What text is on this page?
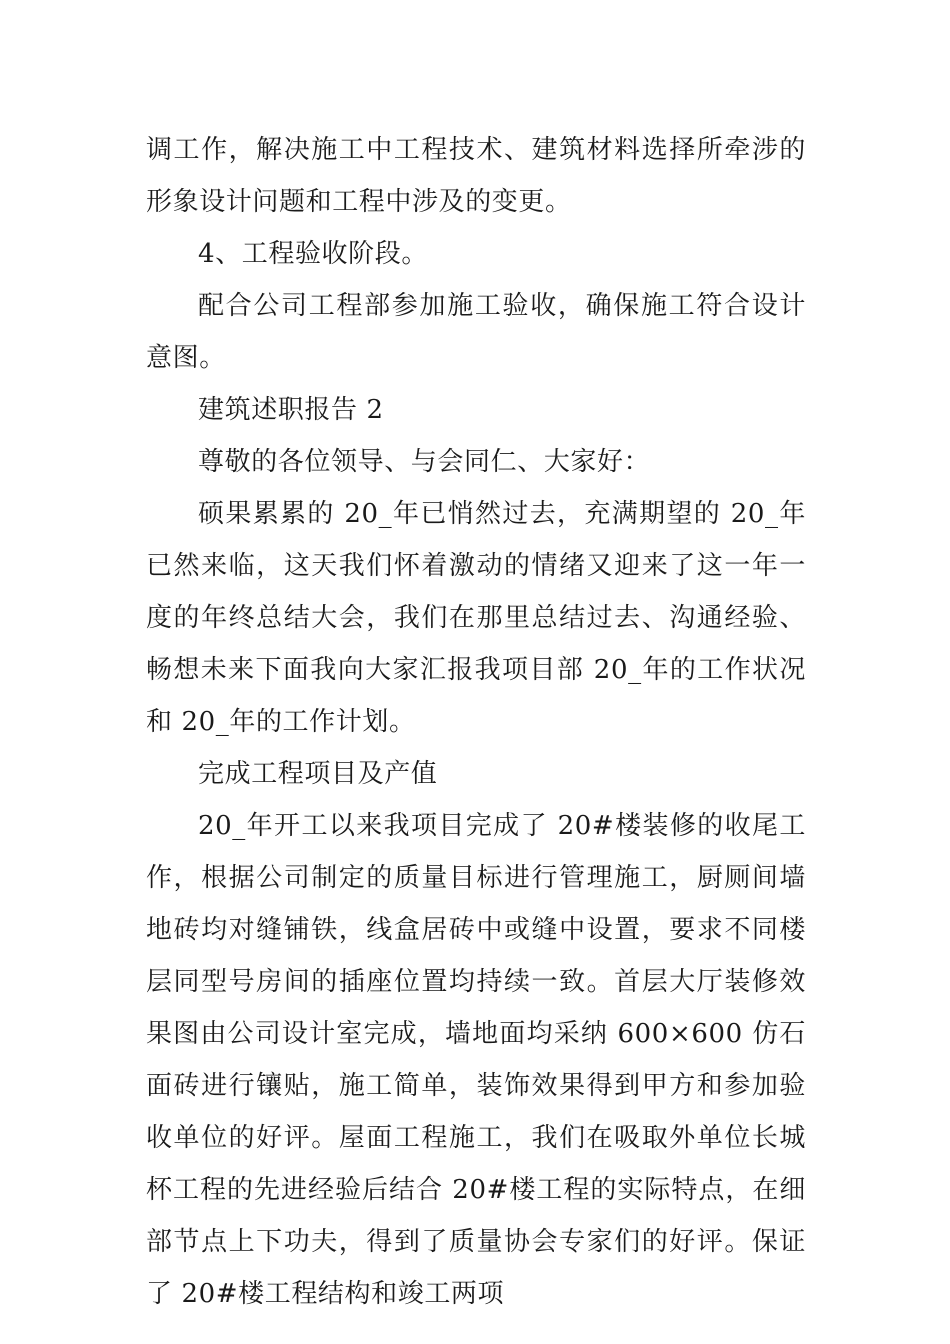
调工作，解决施工中工程技术、建筑材料选择所牵涉的形象设计问题和工程中涉及的变更。

4、工程验收阶段。

配合公司工程部参加施工验收，确保施工符合设计意图。

建筑述职报告 2

尊敬的各位领导、与会同仁、大家好：

硕果累累的 20_年已悄然过去，充满期望的 20_年已然来临，这天我们怀着激动的情绪又迎来了这一年一度的年终总结大会，我们在那里总结过去、沟通经验、畅想未来下面我向大家汇报我项目部 20_年的工作状况和 20_年的工作计划。

完成工程项目及产值

20_年开工以来我项目完成了 20#楼装修的收尾工作，根据公司制定的质量目标进行管理施工，厨厕间墙地砖均对缝铺铁，线盒居砖中或缝中设置，要求不同楼层同型号房间的插座位置均持续一致。首层大厅装修效果图由公司设计室完成，墙地面均采纳 600×600 仿石面砖进行镶贴，施工简单，装饰效果得到甲方和参加验收单位的好评。屋面工程施工，我们在吸取外单位长城杯工程的先进经验后结合 20#楼工程的实际特点，在细部节点上下功夫，得到了质量协会专家们的好评。保证了 20#楼工程结构和竣工两项
